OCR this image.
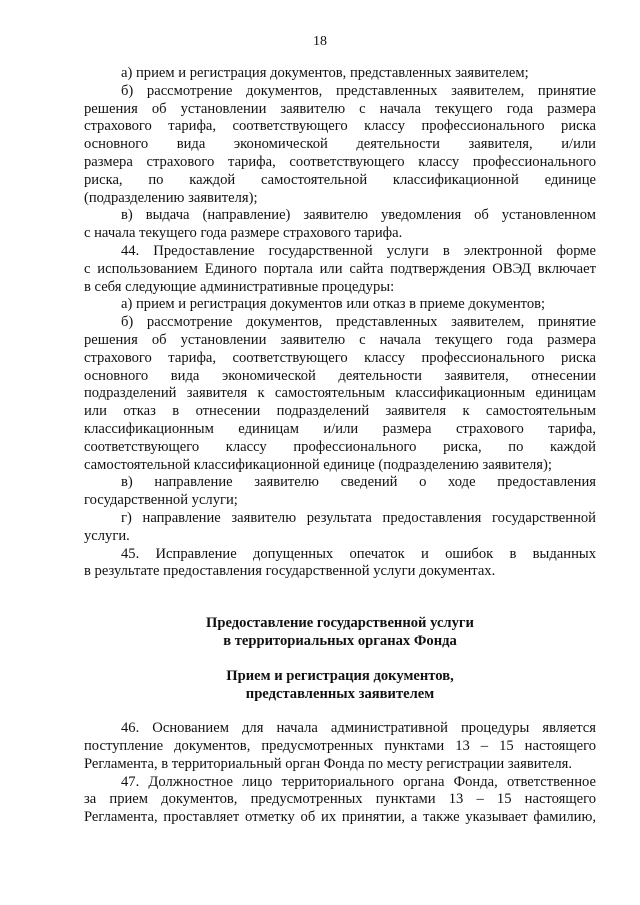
18
а) прием и регистрация документов, представленных заявителем;
б) рассмотрение документов, представленных заявителем, принятие
решения об установлении заявителю с начала текущего года размера
страхового тарифа, соответствующего классу профессионального риска
основного вида экономической деятельности заявителя, и/или
размера страхового тарифа, соответствующего классу профессионального
риска, по каждой самостоятельной классификационной единице
(подразделению заявителя);
в) выдача (направление) заявителю уведомления об установленном
с начала текущего года размере страхового тарифа.
44. Предоставление государственной услуги в электронной форме
с использованием Единого портала или сайта подтверждения ОВЭД включает
в себя следующие административные процедуры:
а) прием и регистрация документов или отказ в приеме документов;
б) рассмотрение документов, представленных заявителем, принятие
решения об установлении заявителю с начала текущего года размера
страхового тарифа, соответствующего классу профессионального риска
основного вида экономической деятельности заявителя, отнесении
подразделений заявителя к самостоятельным классификационным единицам
или отказ в отнесении подразделений заявителя к самостоятельным
классификационным единицам и/или размера страхового тарифа,
соответствующего классу профессионального риска, по каждой
самостоятельной классификационной единице (подразделению заявителя);
в) направление заявителю сведений о ходе предоставления
государственной услуги;
г) направление заявителю результата предоставления государственной
услуги.
45. Исправление допущенных опечаток и ошибок в выданных
в результате предоставления государственной услуги документах.
Предоставление государственной услуги
в территориальных органах Фонда
Прием и регистрация документов,
представленных заявителем
46. Основанием для начала административной процедуры является
поступление документов, предусмотренных пунктами 13 – 15 настоящего
Регламента, в территориальный орган Фонда по месту регистрации заявителя.
47. Должностное лицо территориального органа Фонда, ответственное
за прием документов, предусмотренных пунктами 13 – 15 настоящего
Регламента, проставляет отметку об их принятии, а также указывает фамилию,
